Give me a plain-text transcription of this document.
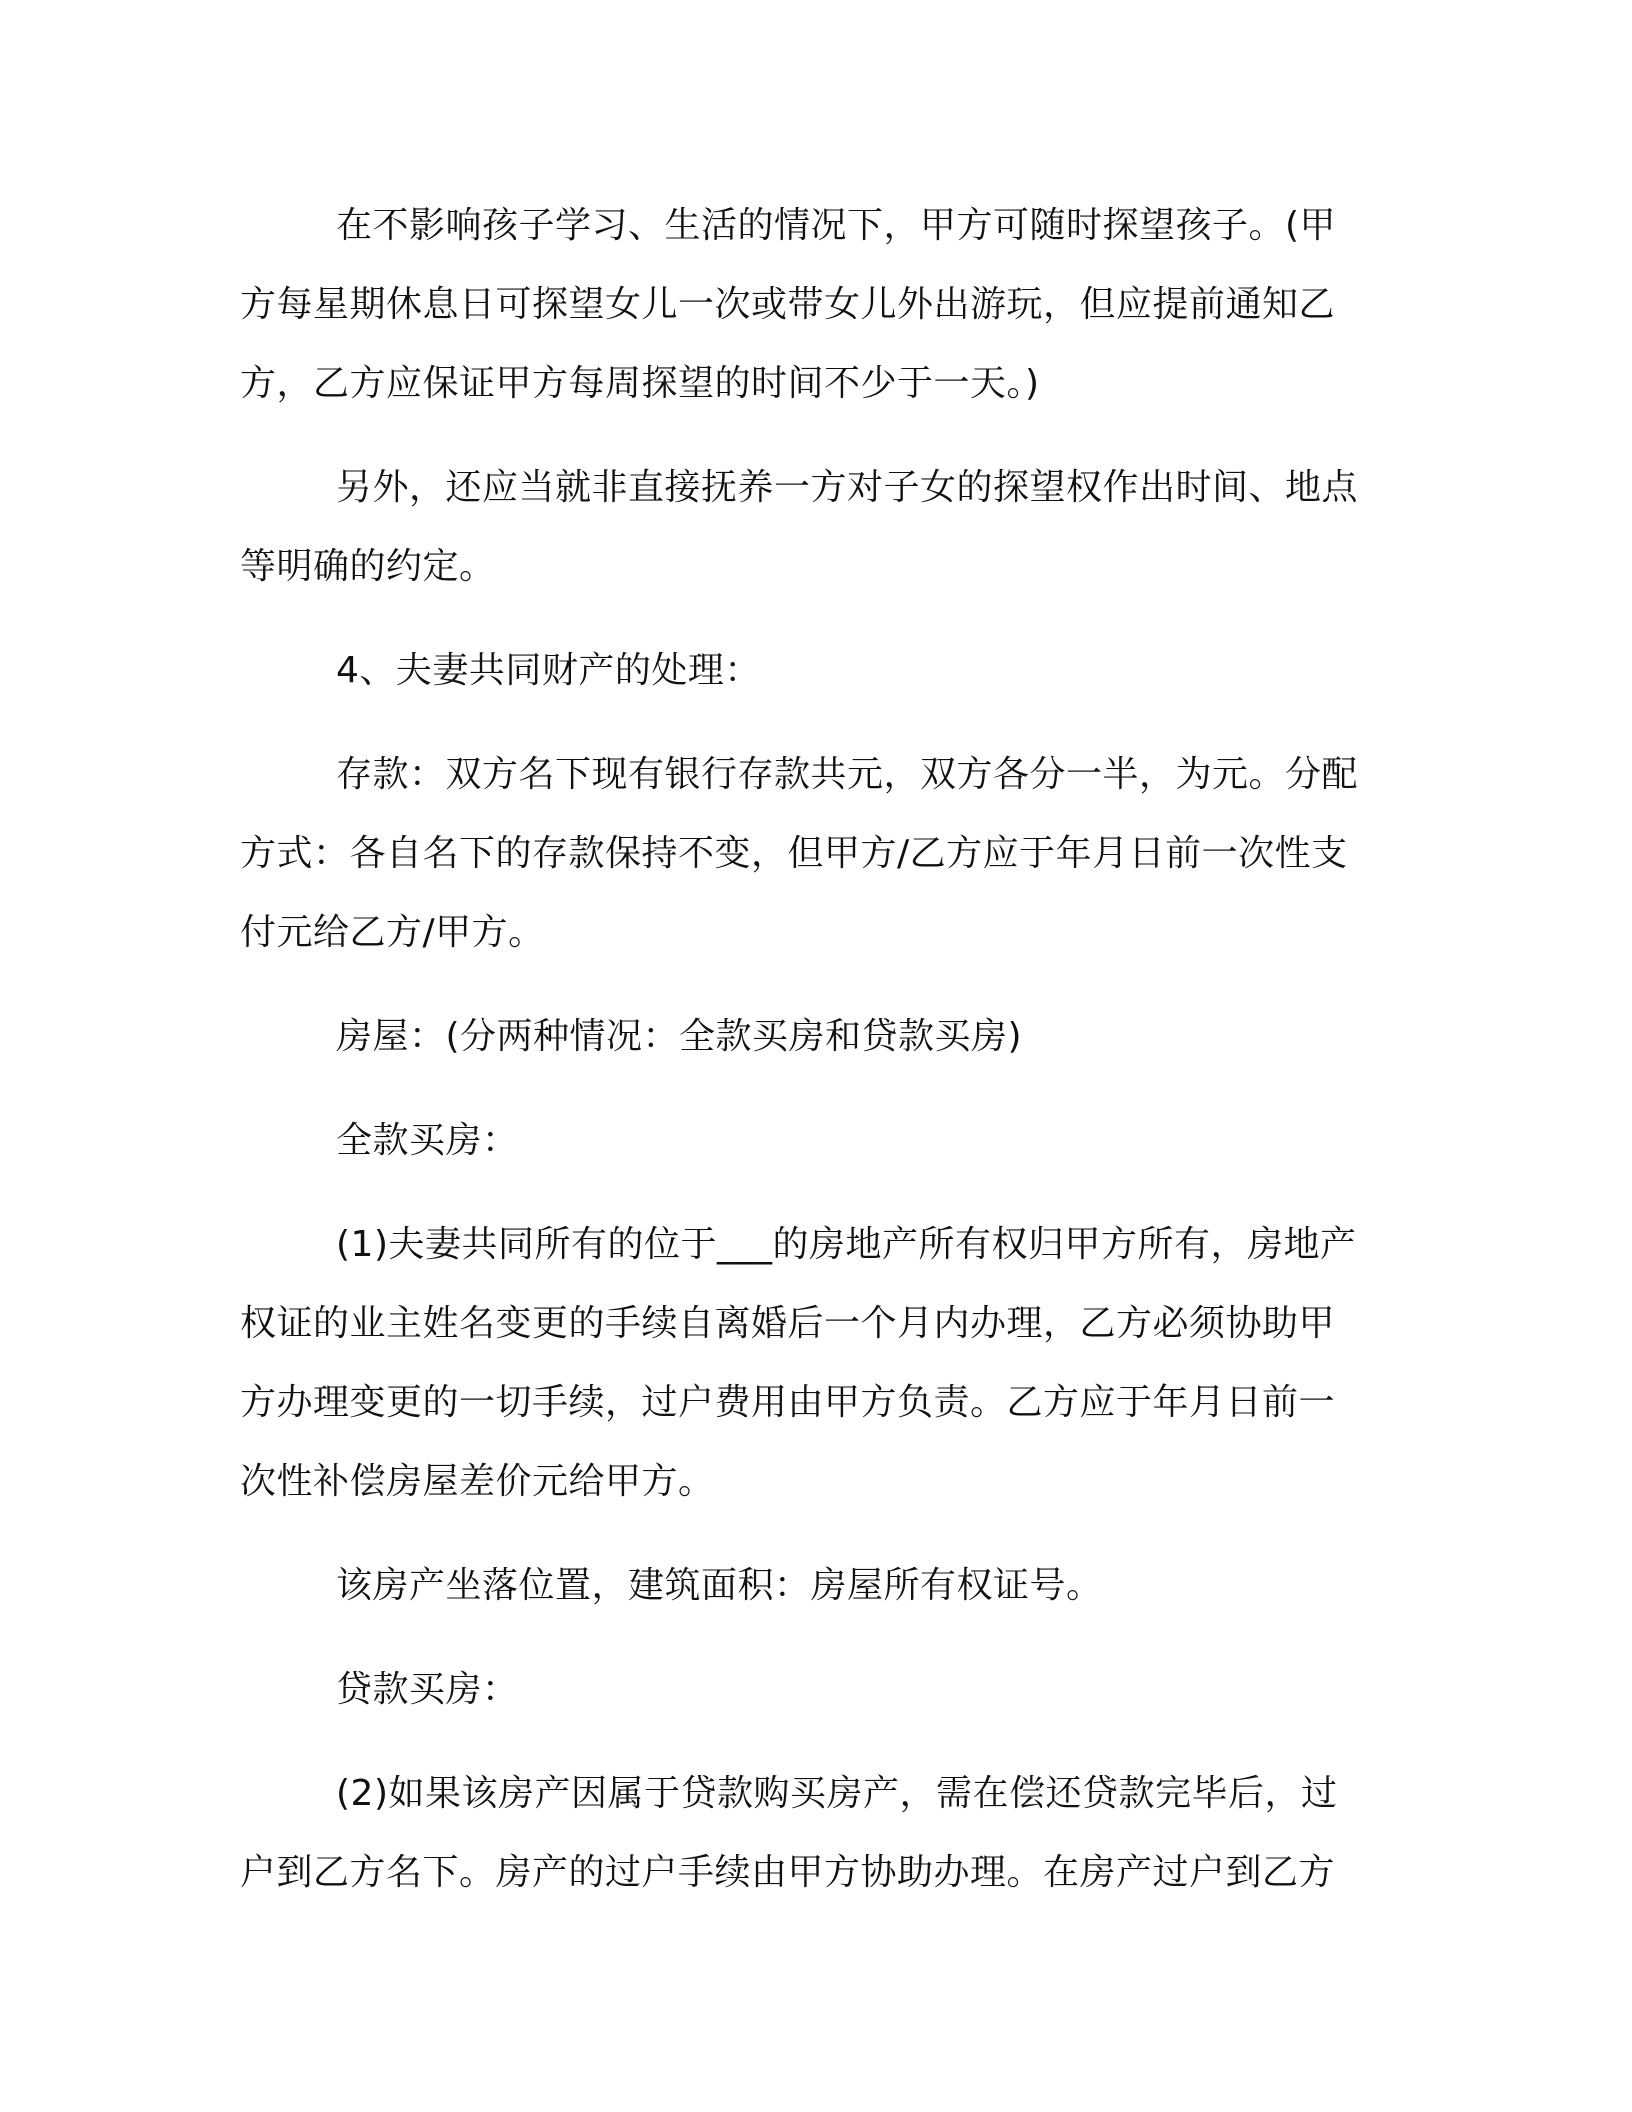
在不影响孩子学习、生活的情况下，甲方可随时探望孩子。(甲方每星期休息日可探望女儿一次或带女儿外出游玩，但应提前通知乙方，乙方应保证甲方每周探望的时间不少于一天。)

另外，还应当就非直接抚养一方对子女的探望权作出时间、地点等明确的约定。

4、夫妻共同财产的处理：

存款：双方名下现有银行存款共元，双方各分一半，为元。分配方式：各自名下的存款保持不变，但甲方/乙方应于年月日前一次性支付元给乙方/甲方。

房屋：(分两种情况：全款买房和贷款买房)

全款买房：

(1)夫妻共同所有的位于___的房地产所有权归甲方所有，房地产权证的业主姓名变更的手续自离婚后一个月内办理，乙方必须协助甲方办理变更的一切手续，过户费用由甲方负责。乙方应于年月日前一次性补偿房屋差价元给甲方。

该房产坐落位置，建筑面积：房屋所有权证号。

贷款买房：

(2)如果该房产因属于贷款购买房产，需在偿还贷款完毕后，过户到乙方名下。房产的过户手续由甲方协助办理。在房产过户到乙方
